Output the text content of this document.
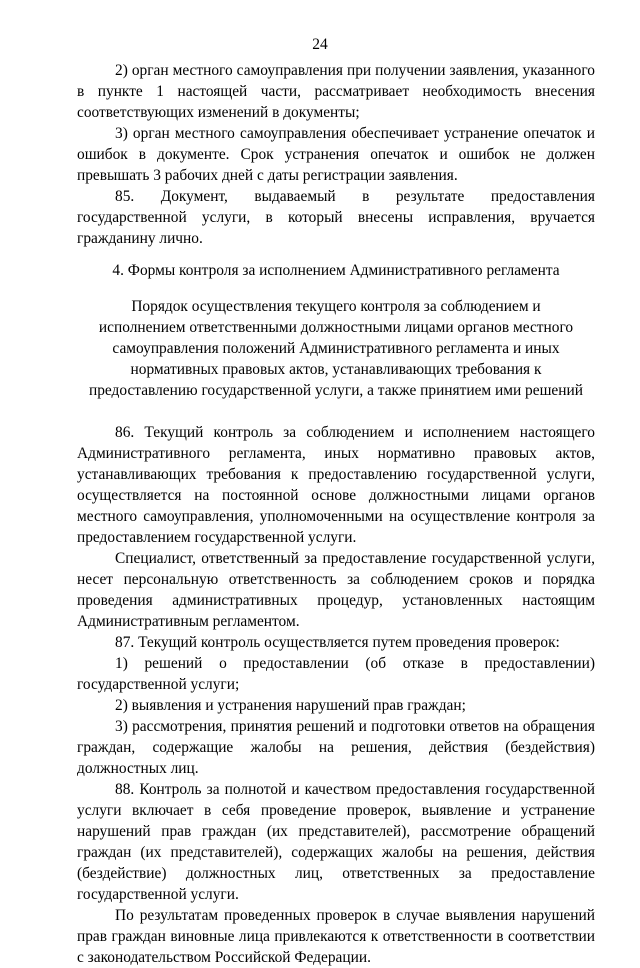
24

2) орган местного самоуправления при получении заявления, указанного в пункте 1 настоящей части, рассматривает необходимость внесения соответствующих изменений в документы;

3) орган местного самоуправления обеспечивает устранение опечаток и ошибок в документе. Срок устранения опечаток и ошибок не должен превышать 3 рабочих дней с даты регистрации заявления.

85. Документ, выдаваемый в результате предоставления государственной услуги, в который внесены исправления, вручается гражданину лично.

4. Формы контроля за исполнением Административного регламента

Порядок осуществления текущего контроля за соблюдением и исполнением ответственными должностными лицами органов местного самоуправления положений Административного регламента и иных нормативных правовых актов, устанавливающих требования к предоставлению государственной услуги, а также принятием ими решений

86. Текущий контроль за соблюдением и исполнением настоящего Административного регламента, иных нормативно правовых актов, устанавливающих требования к предоставлению государственной услуги, осуществляется на постоянной основе должностными лицами органов местного самоуправления, уполномоченными на осуществление контроля за предоставлением государственной услуги.

Специалист, ответственный за предоставление государственной услуги, несет персональную ответственность за соблюдением сроков и порядка проведения административных процедур, установленных настоящим Административным регламентом.

87. Текущий контроль осуществляется путем проведения проверок:

1) решений о предоставлении (об отказе в предоставлении) государственной услуги;

2) выявления и устранения нарушений прав граждан;

3) рассмотрения, принятия решений и подготовки ответов на обращения граждан, содержащие жалобы на решения, действия (бездействия) должностных лиц.

88. Контроль за полнотой и качеством предоставления государственной услуги включает в себя проведение проверок, выявление и устранение нарушений прав граждан (их представителей), рассмотрение обращений граждан (их представителей), содержащих жалобы на решения, действия (бездействие) должностных лиц, ответственных за предоставление государственной услуги.

По результатам проведенных проверок в случае выявления нарушений прав граждан виновные лица привлекаются к ответственности в соответствии с законодательством Российской Федерации.
